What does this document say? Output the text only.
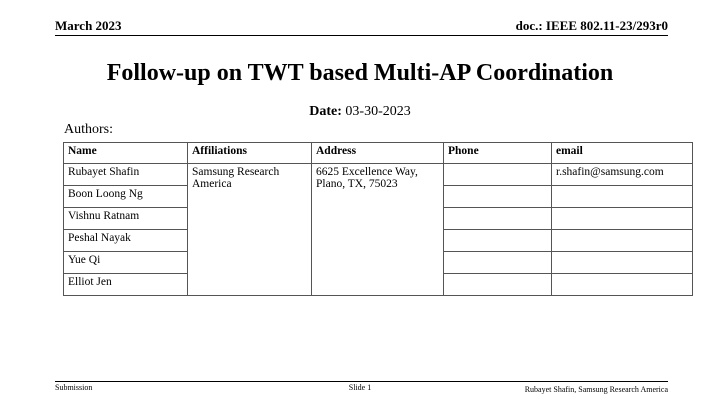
March 2023	doc.: IEEE 802.11-23/293r0
Follow-up on TWT based Multi-AP Coordination
Date: 03-30-2023
Authors:
Name	Affiliations	Address	Phone	email
Rubayet Shafin	Samsung Research America	6625 Excellence Way, Plano, TX, 75023		r.shafin@samsung.com
Boon Loong Ng				
Vishnu Ratnam				
Peshal Nayak				
Yue Qi				
Elliot Jen				
Submission	Slide 1	Rubayet Shafin, Samsung Research America
